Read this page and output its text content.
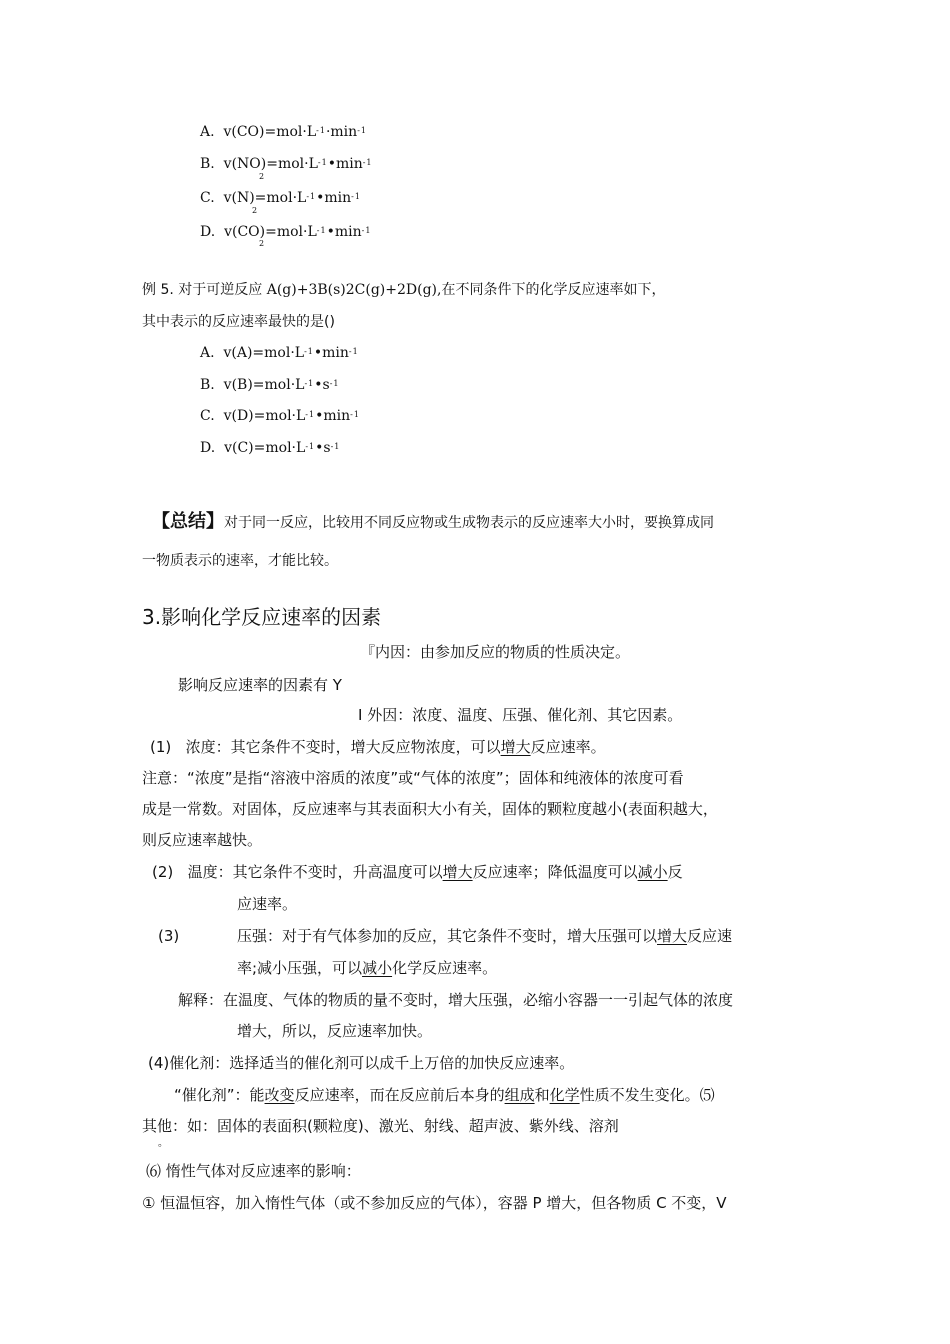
A. $v(CO)=mol\cdot L^{-1}\cdot\min^{-1}$
B. $v(NO)=mol\cdot L^{-1}•\min^{-1}$
2
C. $v(N)=mol\cdot L^{-1}•\min^{-1}$
2
D. $v(CO)=mol\cdot L^{-1}•\min^{-1}$
2
例 5. 对于可逆反应 A(g)+3B(s)2C(g)+2D(g),在不同条件下的化学反应速率如下，
其中表示的反应速率最快的是()
A. $v(A)=mol\cdot L^{-1}•\min^{-1}$
B. $v(B)=mol\cdot L^{-1}•s^{-1}$
C. $v(D)=mol\cdot L^{-1}•\min^{-1}$
D. $v(C)=mol\cdot L^{-1}•s^{-1}$
【总结】对于同一反应，比较用不同反应物或生成物表示的反应速率大小时，要换算成同
一物质表示的速率，才能比较。
3.影响化学反应速率的因素
『内因：由参加反应的物质的性质决定。
影响反应速率的因素有 Y
I 外因：浓度、温度、压强、催化剂、其它因素。
(1) 浓度：其它条件不变时，增大反应物浓度，可以增大反应速率。
注意：“浓度”是指“溶液中溶质的浓度”或“气体的浓度”；固体和纯液体的浓度可看
成是一常数。对固体，反应速率与其表面积大小有关，固体的颗粒度越小(表面积越大，
则反应速率越快。
(2) 温度：其它条件不变时，升高温度可以增大反应速率；降低温度可以减小反
应速率。
(3)	压强：对于有气体参加的反应，其它条件不变时，增大压强可以增大反应速
率;减小压强，可以减小化学反应速率。
解释：在温度、气体的物质的量不变时，增大压强，必缩小容器一一引起气体的浓度
增大，所以，反应速率加快。
(4)催化剂：选择适当的催化剂可以成千上万倍的加快反应速率。
“催化剂”：能改变反应速率，而在反应前后本身的组成和化学性质不发生变化。⑸
其他：如：固体的表面积(颗粒度)、激光、射线、超声波、紫外线、溶剂
。
⑹ 惰性气体对反应速率的影响：
① 恒温恒容，加入惰性气体（或不参加反应的气体），容器 P 增大，但各物质 C 不变，V
